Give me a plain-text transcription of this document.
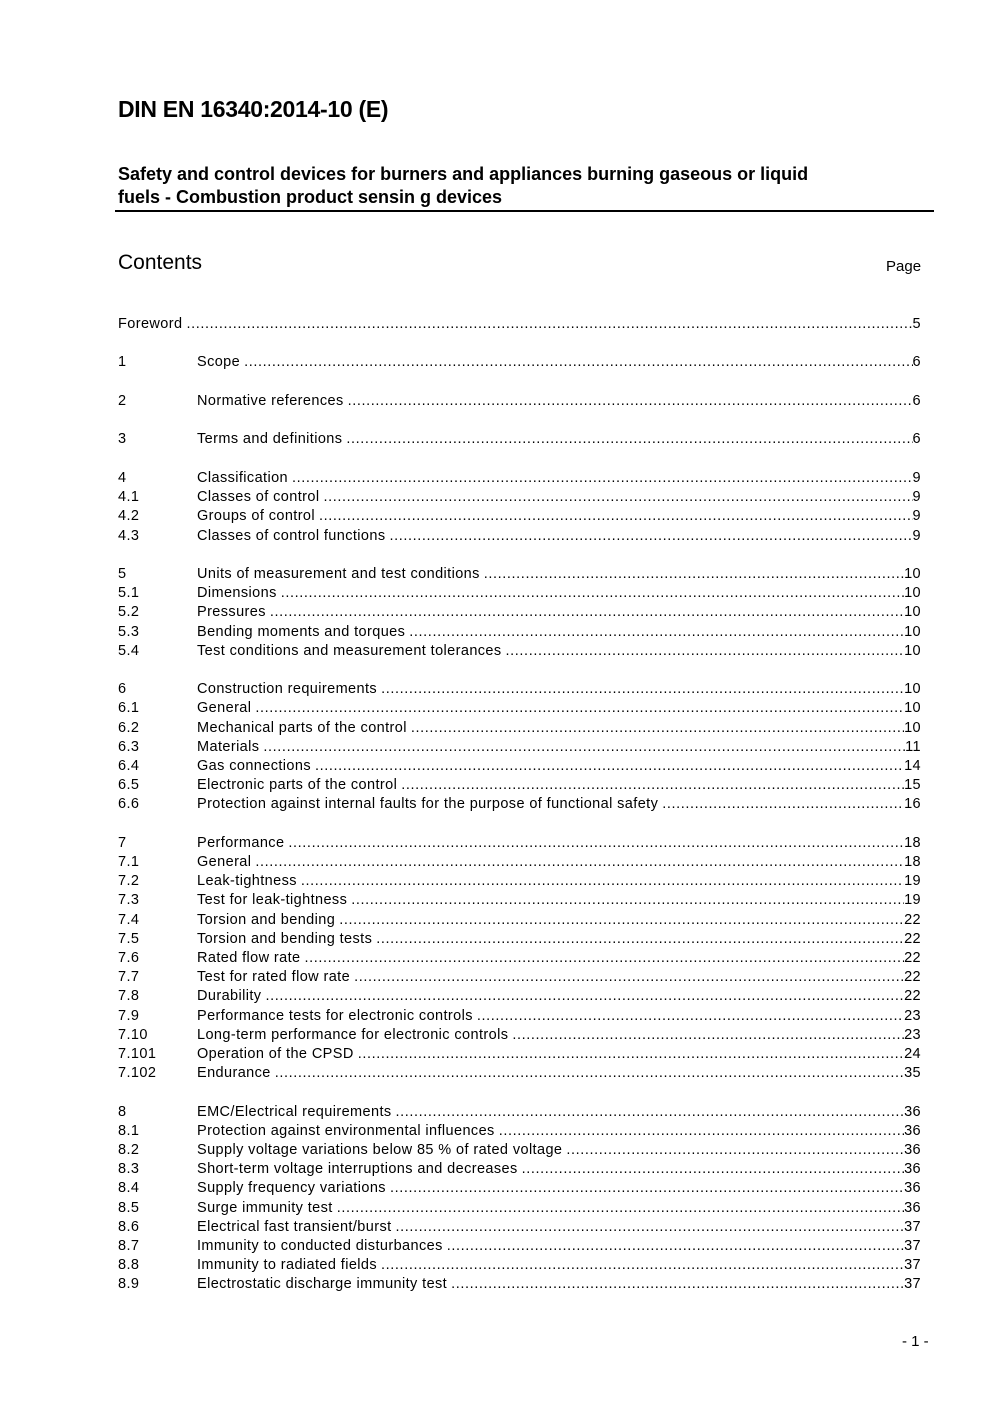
DIN EN 16340:2014-10 (E)
Safety and control devices for burners and appliances burning gaseous or liquid
fuels - Combustion product sensin g devices
Contents	Page
Foreword .....	5
1	Scope .....	6
2	Normative references .....	6
3	Terms and definitions .....	6
4	Classification .....	9
4.1	Classes of control .....	9
4.2	Groups of control .....	9
4.3	Classes of control functions .....	9
5	Units of measurement and test conditions .....	10
5.1	Dimensions .....	10
5.2	Pressures .....	10
5.3	Bending moments and torques .....	10
5.4	Test conditions and measurement tolerances .....	10
6	Construction requirements .....	10
6.1	General .....	10
6.2	Mechanical parts of the control .....	10
6.3	Materials .....	11
6.4	Gas connections .....	14
6.5	Electronic parts of the control .....	15
6.6	Protection against internal faults for the purpose of functional safety .....	16
7	Performance .....	18
7.1	General .....	18
7.2	Leak-tightness .....	19
7.3	Test for leak-tightness .....	19
7.4	Torsion and bending .....	22
7.5	Torsion and bending tests .....	22
7.6	Rated flow rate .....	22
7.7	Test for rated flow rate .....	22
7.8	Durability .....	22
7.9	Performance tests for electronic controls .....	23
7.10	Long-term performance for electronic controls .....	23
7.101	Operation of the CPSD .....	24
7.102	Endurance .....	35
8	EMC/Electrical requirements .....	36
8.1	Protection against environmental influences .....	36
8.2	Supply voltage variations below 85 % of rated voltage .....	36
8.3	Short-term voltage interruptions and decreases .....	36
8.4	Supply frequency variations .....	36
8.5	Surge immunity test .....	36
8.6	Electrical fast transient/burst .....	37
8.7	Immunity to conducted disturbances .....	37
8.8	Immunity to radiated fields .....	37
8.9	Electrostatic discharge immunity test .....	37
- 1 -
